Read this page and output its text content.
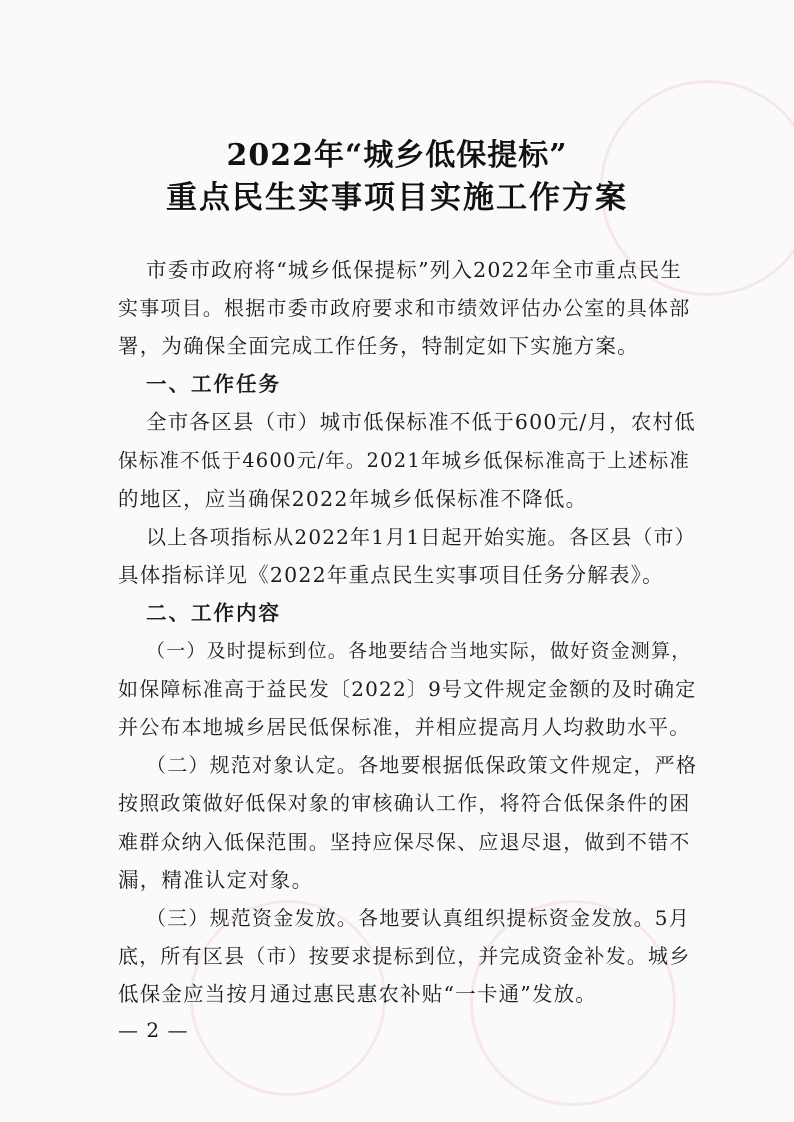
2022年“城乡低保提标”
重点民生实事项目实施工作方案
市委市政府将“城乡低保提标”列入2022年全市重点民生
实事项目。根据市委市政府要求和市绩效评估办公室的具体部
署，为确保全面完成工作任务，特制定如下实施方案。
一、工作任务
全市各区县（市）城市低保标准不低于600元/月，农村低
保标准不低于4600元/年。2021年城乡低保标准高于上述标准
的地区，应当确保2022年城乡低保标准不降低。
以上各项指标从2022年1月1日起开始实施。各区县（市）
具体指标详见《2022年重点民生实事项目任务分解表》。
二、工作内容
（一）及时提标到位。各地要结合当地实际，做好资金测算，
如保障标准高于益民发〔2022〕9号文件规定金额的及时确定
并公布本地城乡居民低保标准，并相应提高月人均救助水平。
（二）规范对象认定。各地要根据低保政策文件规定，严格
按照政策做好低保对象的审核确认工作，将符合低保条件的困
难群众纳入低保范围。坚持应保尽保、应退尽退，做到不错不
漏，精准认定对象。
— 2 —
（三）规范资金发放。各地要认真组织提标资金发放。5月
底，所有区县（市）按要求提标到位，并完成资金补发。城乡
低保金应当按月通过惠民惠农补贴“一卡通”发放。
